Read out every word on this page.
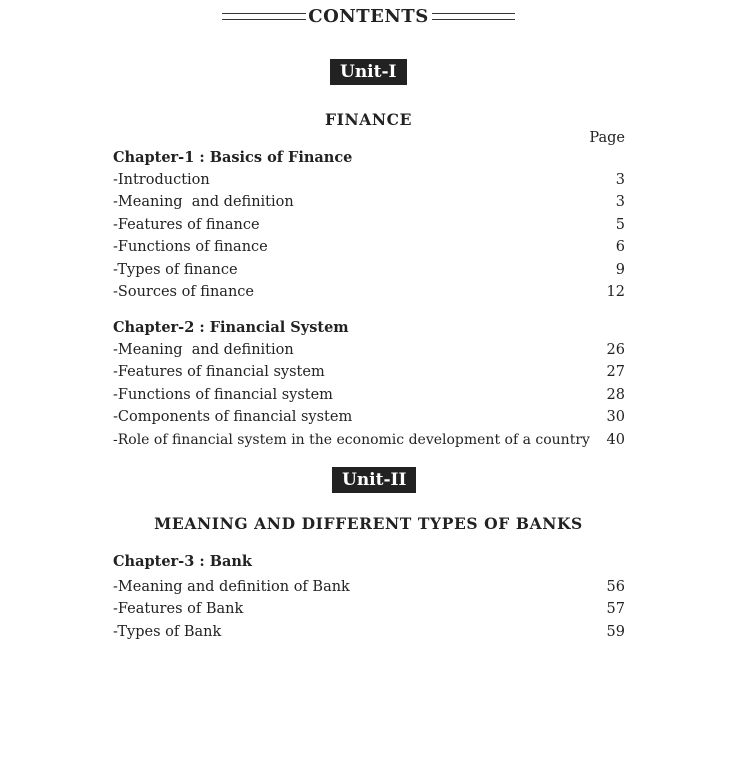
CONTENTS
Unit-I
FINANCE
Page
Chapter-1 : Basics of Finance
-Introduction	3
-Meaning  and definition	3
-Features of finance	5
-Functions of finance	6
-Types of finance	9
-Sources of finance	12
Chapter-2 : Financial System
-Meaning  and definition	26
-Features of financial system	27
-Functions of financial system	28
-Components of financial system	30
-Role of financial system in the economic development of a country 40
Unit-II
MEANING AND DIFFERENT TYPES OF BANKS
Chapter-3 : Bank
-Meaning and definition of Bank	56
-Features of Bank	57
-Types of Bank	59
